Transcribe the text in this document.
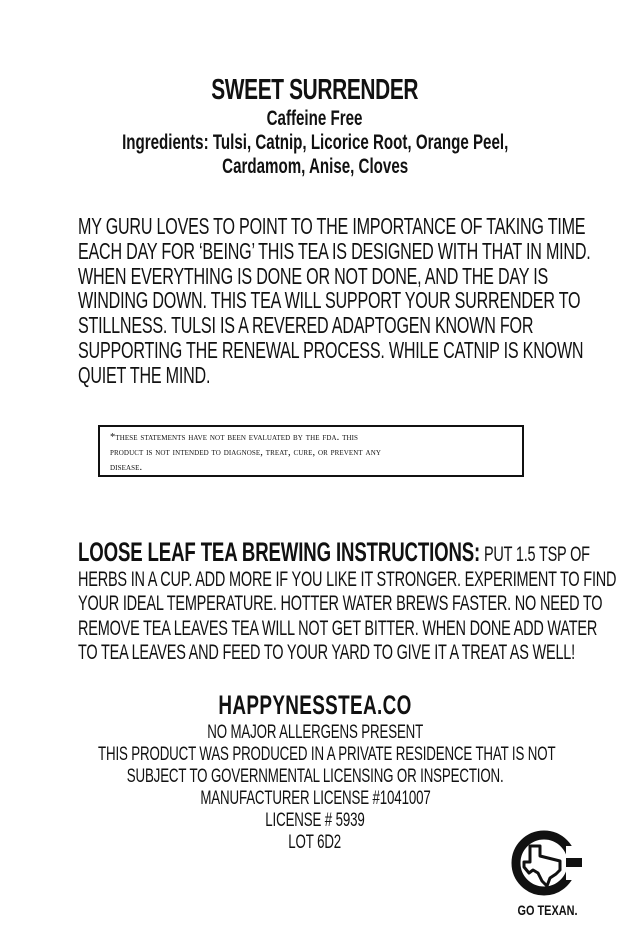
SWEET SURRENDER
Caffeine Free
Ingredients: Tulsi, Catnip, Licorice Root, Orange Peel,
Cardamom, Anise, Cloves
MY GURU LOVES TO POINT TO THE IMPORTANCE OF TAKING TIME
EACH DAY FOR ‘BEING’ THIS TEA IS DESIGNED WITH THAT IN MIND.
WHEN EVERYTHING IS DONE OR NOT DONE, AND THE DAY IS
WINDING DOWN. THIS TEA WILL SUPPORT YOUR SURRENDER TO
STILLNESS. TULSI IS A REVERED ADAPTOGEN KNOWN FOR
SUPPORTING THE RENEWAL PROCESS. WHILE CATNIP IS KNOWN
QUIET THE MIND.
*these statements have not been evaluated by the fda. this
product is not intended to diagnose, treat, cure, or prevent any
disease.
LOOSE LEAF TEA BREWING INSTRUCTIONS: PUT 1.5 TSP OF
HERBS IN A CUP. ADD MORE IF YOU LIKE IT STRONGER. EXPERIMENT TO FIND
YOUR IDEAL TEMPERATURE. HOTTER WATER BREWS FASTER. NO NEED TO
REMOVE TEA LEAVES TEA WILL NOT GET BITTER. WHEN DONE ADD WATER
TO TEA LEAVES AND FEED TO YOUR YARD TO GIVE IT A TREAT AS WELL!
HAPPYNESSTEA.CO
NO MAJOR ALLERGENS PRESENT
THIS PRODUCT WAS PRODUCED IN A PRIVATE RESIDENCE THAT IS NOT
SUBJECT TO GOVERNMENTAL LICENSING OR INSPECTION.
MANUFACTURER LICENSE #1041007
LICENSE # 5939
LOT 6D2
GO TEXAN.
